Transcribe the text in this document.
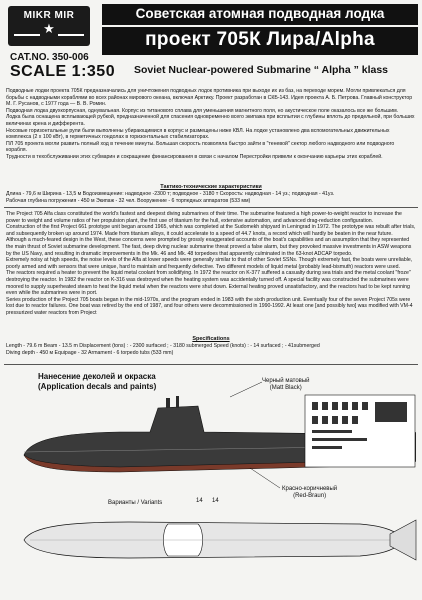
MIKR MIR
★
CAT.NO. 350-006
SCALE 1:350
Советская атомная подводная лодка
проект 705К Лира/Alpha
Soviet Nuclear-powered Submarine “ Alpha ” klass
Подводные лодки проекта 705К предназначались для уничтожения подводных лодок противника при выходе их из баз, на переходе морем. Могли привлекаться для борьбы с надводными кораблями во всех районах мирового океана, включая Арктику. Проект разработан в СКБ-143. Идея проекта А. Б. Петрова. Главный конструктор М. Г. Русанов, с 1977 года — В. В. Ромин.
Подводная лодка двухкорпусная, однувальная. Корпус из титанового сплава для уменьшения магнитного поля, но акустическое поле оказалось все же большим.
Лодка была оснащена всплывающей рубкой, предназначенной для спасения одновременно всего экипажа при всплытии с глубины вплоть до предельной, при больших величинах крена и дифферента.
Носовые горизонтальные рули были выполнены убирающимися в корпус и размещены ниже КВЛ. На лодке установлено два вспомогательных движительных комплекса (2 x 100 кВт), в герметичных гондолах в горизонтальных стабилизаторах.
ПЛ 705 проекта могли развить полный ход в течение минуты. Большая скорость позволяла быстро зайти в "теневой" сектор любого надводного или подводного корабля.
Трудности в техобслуживании этих субмарин и сокращение финансирования в связи с началом Перестройки привели к окончанию карьеры этих кораблей.
Тактико-технические характеристики
Длина - 79,6 м Ширина - 13,5 м Водоизмещение: надводное -2300 т; подводное - 3180 т Скорость: надводная - 14 уз.; подводная - 41уз.
Рабочая глубина погружения - 450 м Экипаж - 32 чел. Вооружение - 6 торпедных аппаратов (533 мм)
The Project 705 Alfa class constituted the world's fastest and deepest diving submarines of their time. The submarine featured a high power-to-weight reactor to increase the power to weight and volume ratios of her propulsion plant, the first use of titanium for the hull, extensive automation, and advanced drag-reduction configuration.
Construction of the first Project 661 prototype unit began around 1965, which was completed at the Sudomekh shipyard in Leningrad in 1972. The prototype was rebuilt after trials, and subsequently broken up around 1974. Made from titanium alloys, it could accelerate to a speed of 44.7 knots, a record which will hardly be beaten in the near future.
Although a much-feared design in the West, these concerns were prompted by grossly exaggerated accounts of the boat's capabilities and an assumption that they represented the main thrust of Soviet submarine development. The fast, deep diving nuclear submarine threat proved a false alarm, but they provoked massive investments in ASW weapons by the US Navy, and resulting in dramatic improvements in the Mk. 46 and Mk. 48 torpedoes that apparently culminated in the 63-knot ADCAP torpedo.
Extremely noisy at high speeds, the noise levels of the Alfa at lower speeds were generally similar to that of other Soviet SSNs. Though extremely fast, the boats were unreliable, poorly armed and with sensors that were unique, hard to maintain and frequently defective. Two different models of liquid metal (probably lead-bismuth) reactors were used.
The reactors required a heater to prevent the liquid metal coolant from solidifying. In 1972 the reactor on K-377 suffered a casualty during sea trials and the metal coolant "froze" destroying the reactor. In 1982 the reactor on K-316 was destroyed when the heating system was accidentally turned off. A special facility was constructed the submarines were moored to supply superheated steam to heat the liquid metal when the reactors were shut down. External heating proved unsatisfactory, and the reactors had to be kept running even while the submarines were in port.
Series production of the Project 705 boats began in the mid-1970s, and the program ended in 1983 with the sixth production unit. Eventually four of the seven Project 705s were lost due to reactor failures. One boat was retired by the end of 1987, and four others were decommissioned in 1990-1992. At least one [and possibly two] was modified with VM-4 pressurized water reactors from Project
Specifications
Length - 79.6 m Beam - 13.5 m Displacement (tons) : - 2300 surfaced ; - 3180 submerged Speed (knots) : - 14 surfaced ; - 41submerged
Diving depth - 450 м Equipage - 32 Armament - 6 torpedo tubs (533 mm)
Нанесение деколей и окраска
(Application decals and paints)
Черный матовый
(Matt Black)
Красно-коричневый
(Red-Braun)
Варианты / Variants	14 14
